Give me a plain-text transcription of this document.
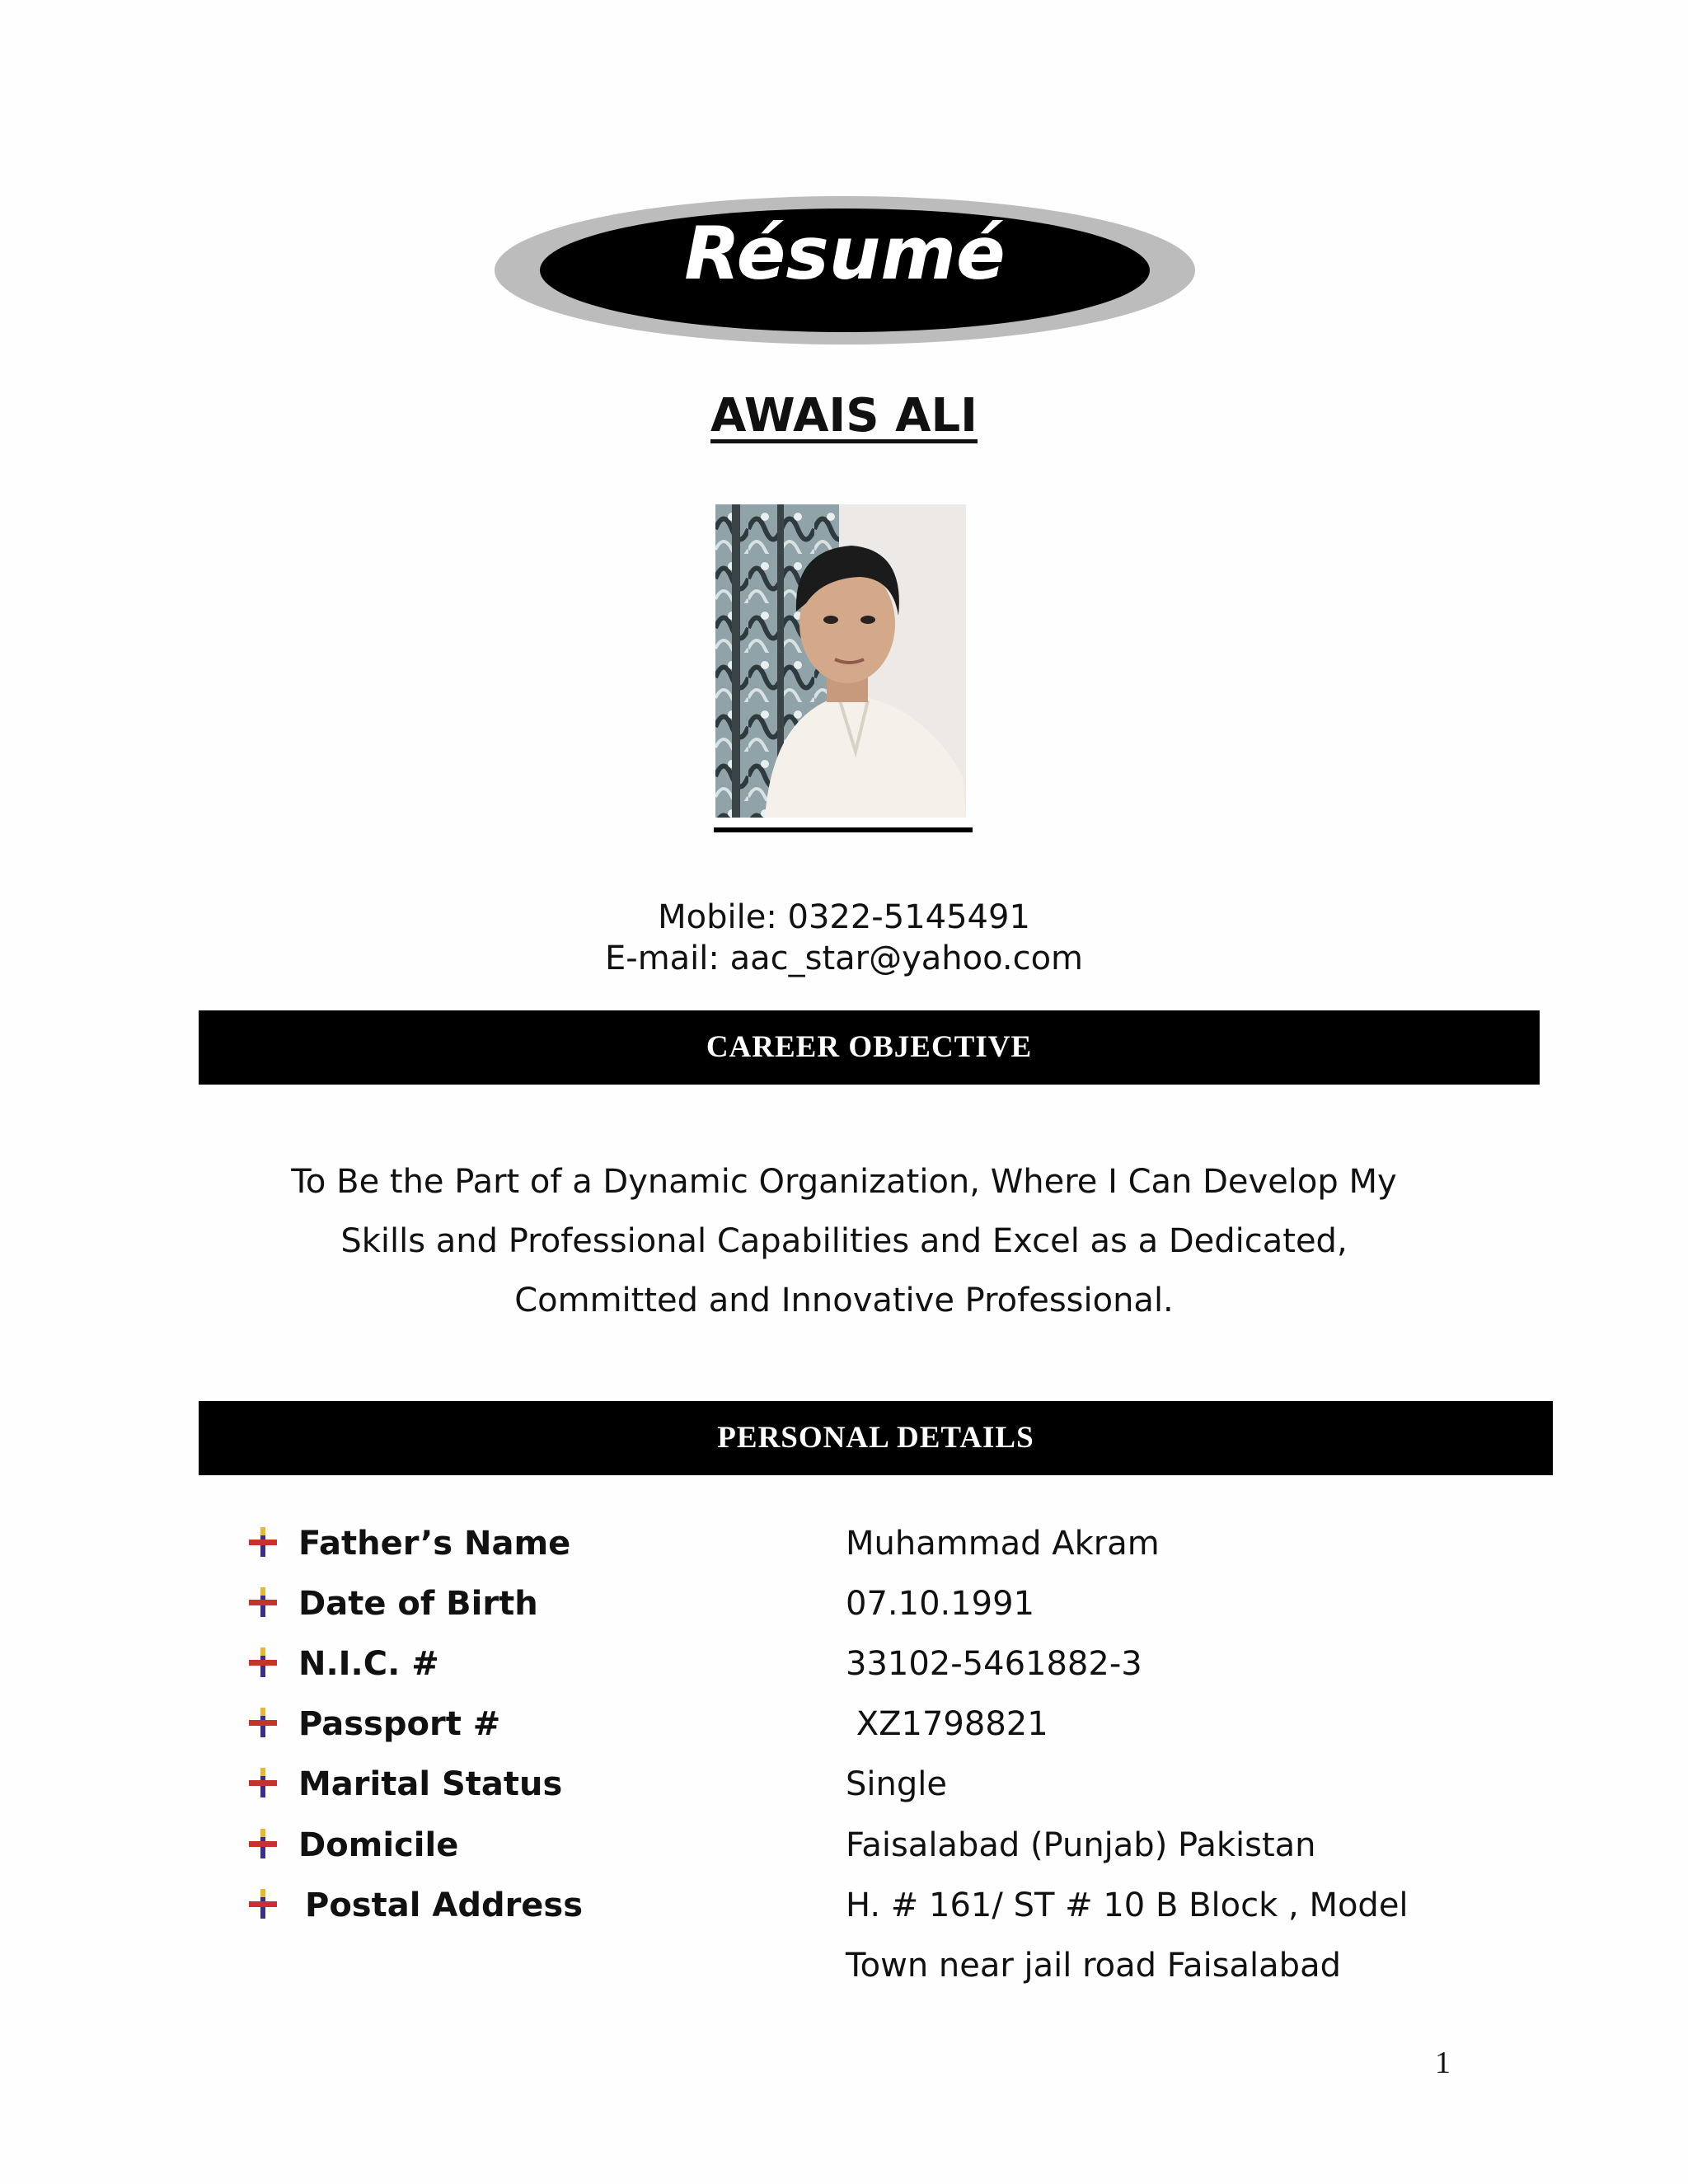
Résumé
AWAIS ALI
Mobile: 0322-5145491
E-mail: aac_star@yahoo.com
CAREER OBJECTIVE
To Be the Part of a Dynamic Organization, Where I Can Develop My
Skills and Professional Capabilities and Excel as a Dedicated,
Committed and Innovative Professional.
PERSONAL DETAILS
Father’s Name	Muhammad Akram
Date of Birth	07.10.1991
N.I.C. #	33102-5461882-3
Passport #	XZ1798821
Marital Status	Single
Domicile	Faisalabad (Punjab) Pakistan
Postal Address	H. # 161/ ST # 10 B Block , Model
Town near jail road Faisalabad
1
